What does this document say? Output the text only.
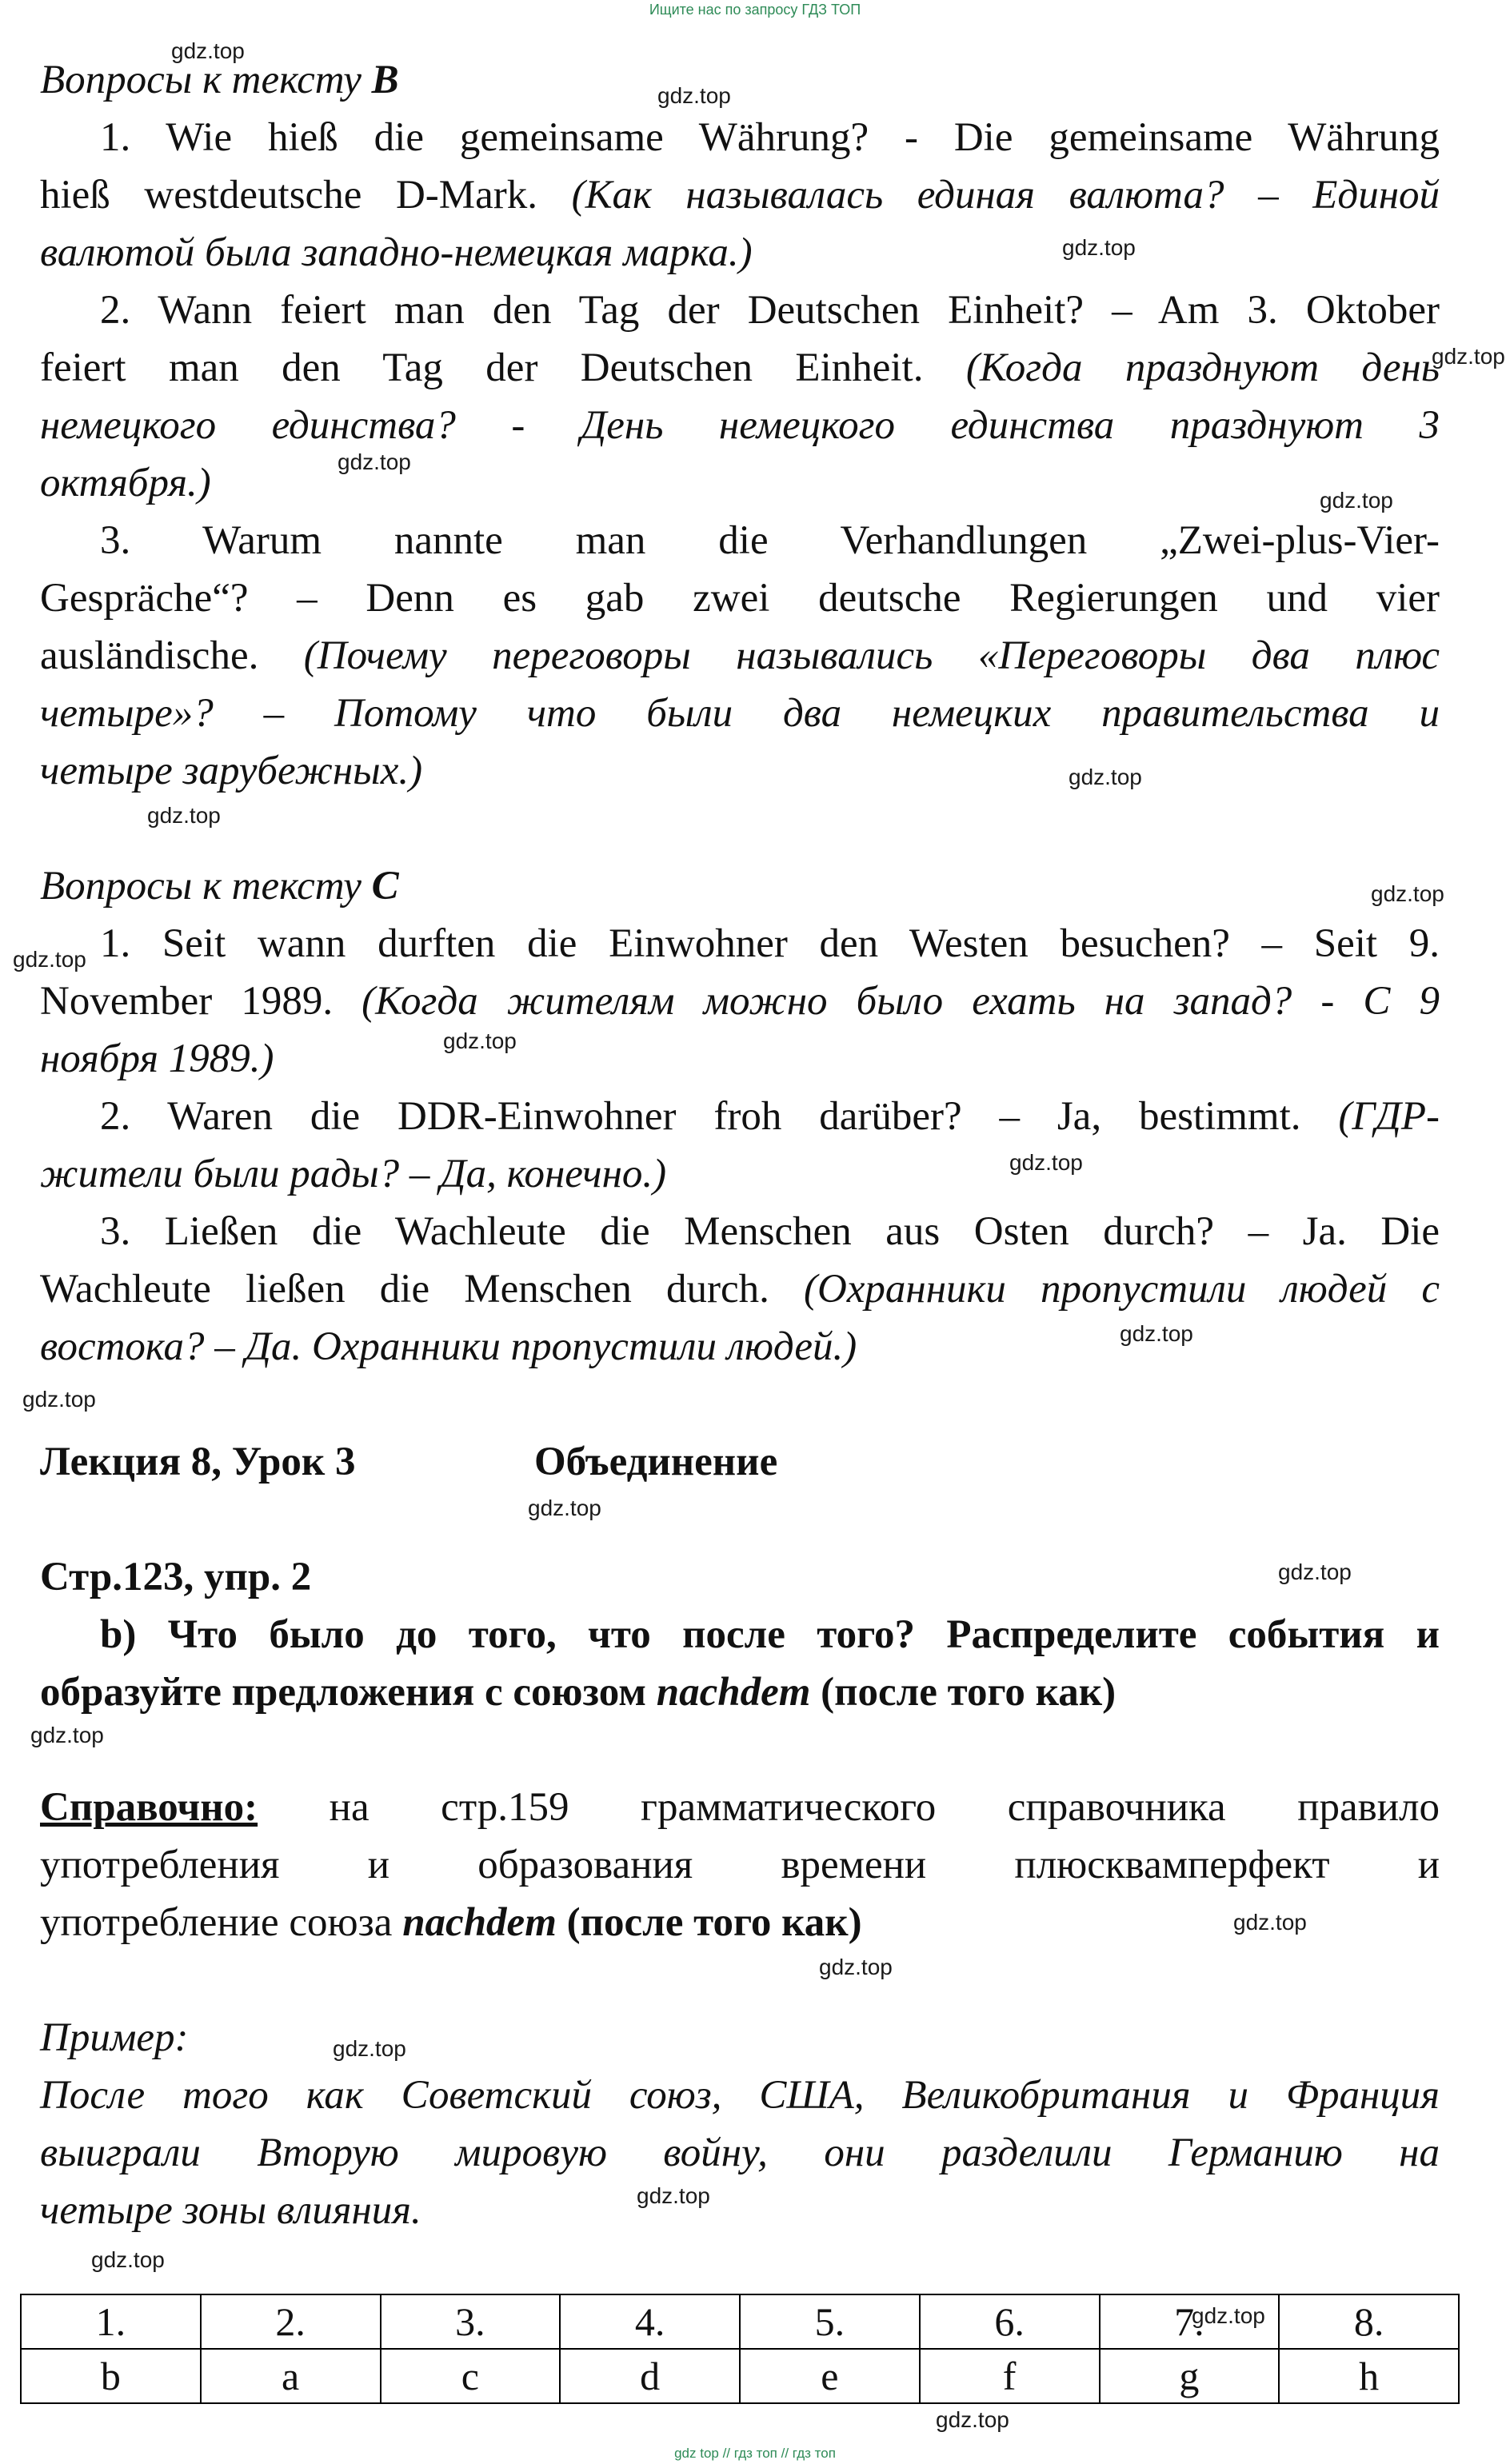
Ищите нас по запросу ГДЗ ТОП
Вопросы к тексту B
1. Wie hieß die gemeinsame Währung? - Die gemeinsame Währung
hieß westdeutsche D-Mark. (Как называлась единая валюта? – Единой
валютой была западно-немецкая марка.)
2. Wann feiert man den Tag der Deutschen Einheit? – Am 3. Oktober
feiert man den Tag der Deutschen Einheit. (Когда празднуют день
немецкого единства? - День немецкого единства празднуют 3
октября.)
3. Warum nannte man die Verhandlungen „Zwei-plus-Vier-
Gespräche“? – Denn es gab zwei deutsche Regierungen und vier
ausländische. (Почему переговоры назывались «Переговоры два плюс
четыре»? – Потому что были два немецких правительства и
четыре зарубежных.)
Вопросы к тексту C
1. Seit wann durften die Einwohner den Westen besuchen? – Seit 9.
November 1989. (Когда жителям можно было ехать на запад? - С 9
ноября 1989.)
2. Waren die DDR-Einwohner froh darüber? – Ja, bestimmt. (ГДР-
жители были рады? – Да, конечно.)
3. Ließen die Wachleute die Menschen aus Osten durch? – Ja. Die
Wachleute ließen die Menschen durch. (Охранники пропустили людей с
востока? – Да. Охранники пропустили людей.)
Лекция 8, Урок 3	Объединение
Стр.123, упр. 2
b) Что было до того, что после того? Распределите события и
образуйте предложения с союзом nachdem (после того как)
Справочно: на стр.159 грамматического справочника правило
употребления и образования времени плюсквамперфект и
употребление союза nachdem (после того как)
Пример:
После того как Советский союз, США, Великобритания и Франция
выиграли Вторую мировую войну, они разделили Германию на
четыре зоны влияния.
1.	2.	3.	4.	5.	6.	7.	8.
b	a	c	d	e	f	g	h
gdz.top
gdz.top
gdz.top
gdz.top
gdz.top
gdz.top
gdz.top
gdz.top
gdz.top
gdz.top
gdz.top
gdz.top
gdz.top
gdz.top
gdz.top
gdz.top
gdz.top
gdz.top
gdz.top
gdz.top
gdz.top
gdz.top
gdz.top
gdz.top
gdz top // гдз топ // гдз топ
